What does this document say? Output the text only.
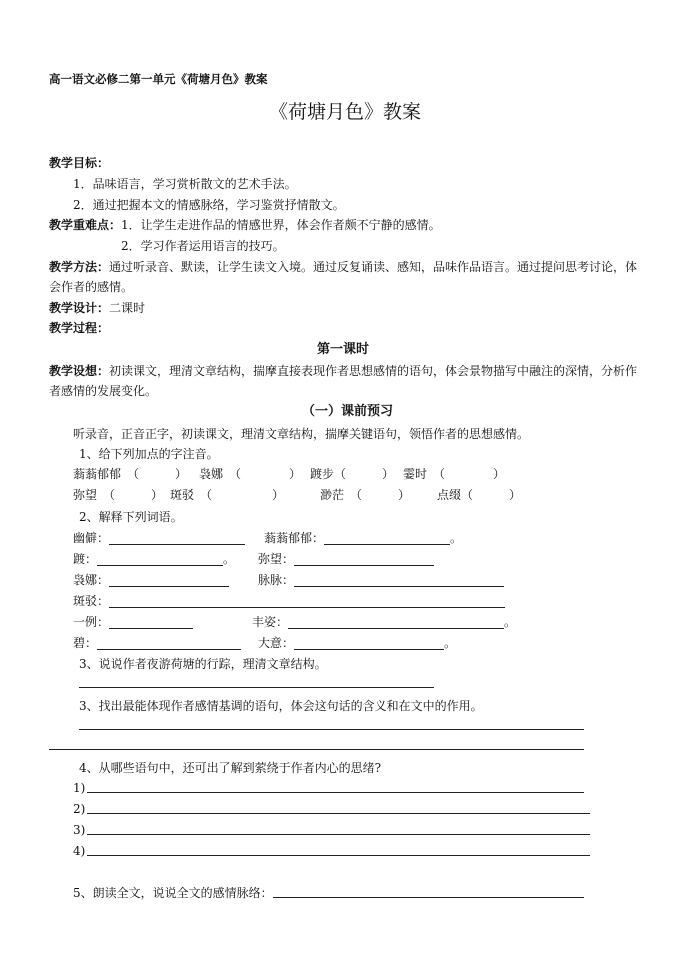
高一语文必修二第一单元《荷塘月色》教案
《荷塘月色》教案
教学目标：
1．品味语言，学习赏析散文的艺术手法。
2．通过把握本文的情感脉络，学习鉴赏抒情散文。
教学重难点：1．让学生走进作品的情感世界，体会作者颇不宁静的感情。
2．学习作者运用语言的技巧。
教学方法：通过听录音、默读，让学生读文入境。通过反复诵读、感知，品味作品语言。通过提问思考讨论，体
会作者的感情。
教学设计：二课时
教学过程：
第一课时
教学设想：初读课文，理清文章结构，揣摩直接表现作者思想感情的语句，体会景物描写中融注的深情，分析作
者感情的发展变化。
（一）课前预习
听录音，正音正字，初读课文，理清文章结构，揣摩关键语句，领悟作者的思想感情。
1、给下列加点的字注音。
蓊蓊郁郁　（　　　） 袅娜　（　　　　） 踱步（　　　） 霎时　（　　　　）
弥望　（　　　） 斑驳　（　　　　　）	渺茫　（　　　） 点缀（　　　）
2、解释下列词语。
幽僻：	蓊蓊郁郁：	。
踱：	。 弥望：
袅娜：	脉脉：
斑驳：
一例：	丰姿：	。
碧：	大意：	。
3、说说作者夜游荷塘的行踪，理清文章结构。
3、找出最能体现作者感情基调的语句，体会这句话的含义和在文中的作用。
4、从哪些语句中，还可出了解到萦绕于作者内心的思绪?
1)
2)
3)
4)
5、朗读全文，说说全文的感情脉络：
